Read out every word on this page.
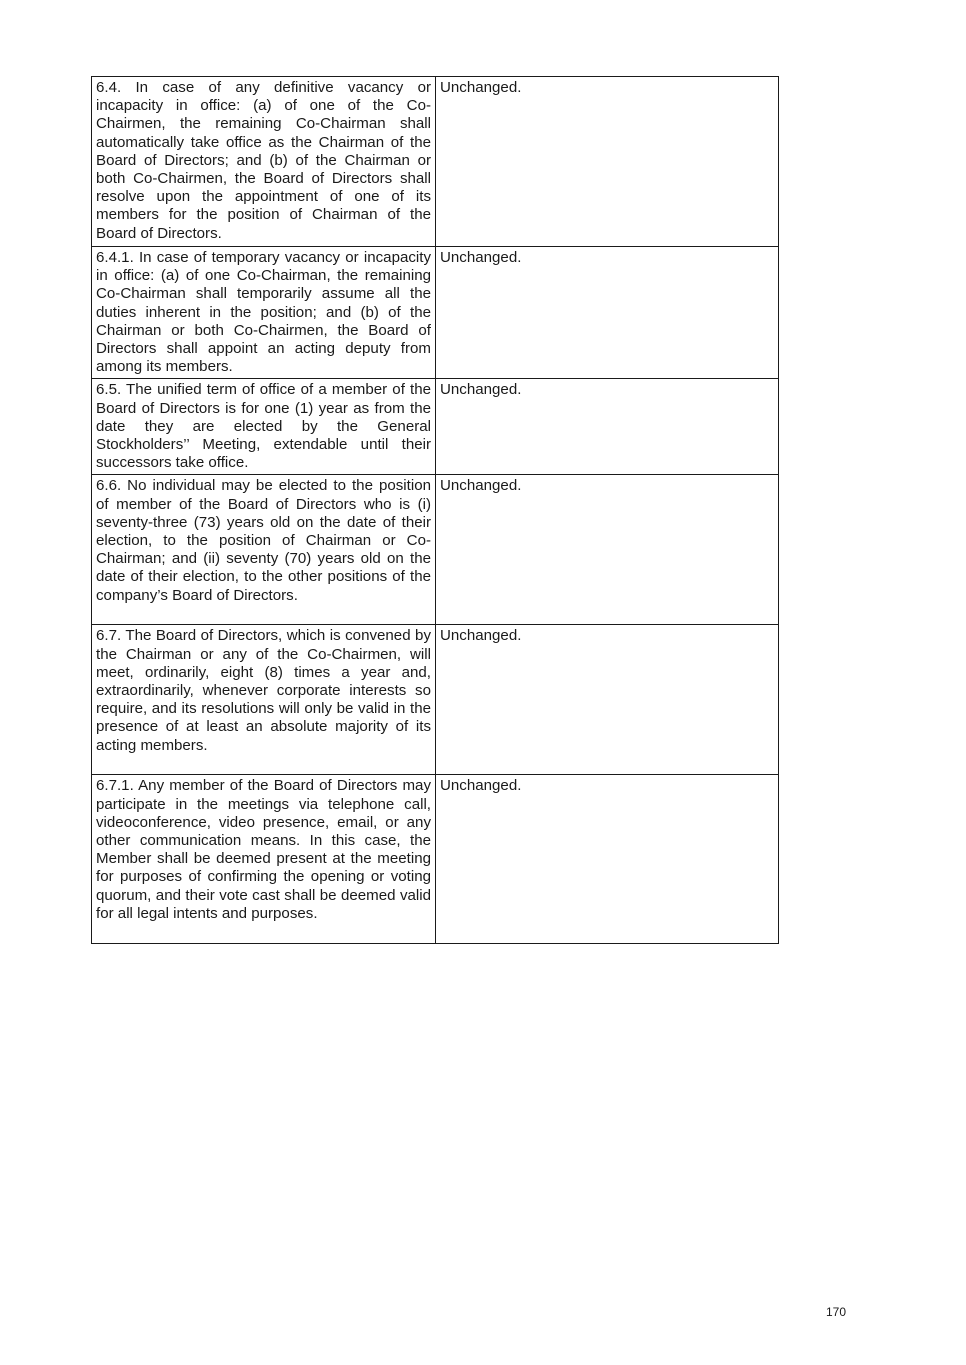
6.4. In case of any definitive vacancy or incapacity in office: (a) of one of the Co-Chairmen, the remaining Co-Chairman shall automatically take office as the Chairman of the Board of Directors; and (b) of the Chairman or both Co-Chairmen, the Board of Directors shall resolve upon the appointment of one of its members for the position of Chairman of the Board of Directors.	Unchanged.
6.4.1. In case of temporary vacancy or incapacity in office: (a) of one Co-Chairman, the remaining Co-Chairman shall temporarily assume all the duties inherent in the position; and (b) of the Chairman or both Co-Chairmen, the Board of Directors shall appoint an acting deputy from among its members.	Unchanged.
6.5. The unified term of office of a member of the Board of Directors is for one (1) year as from the date they are elected by the General Stockholders’’ Meeting, extendable until their successors take office.	Unchanged.
6.6. No individual may be elected to the position of member of the Board of Directors who is (i) seventy-three (73) years old on the date of their election, to the position of Chairman or Co-Chairman; and (ii) seventy (70) years old on the date of their election, to the other positions of the company’s Board of Directors.	Unchanged.
6.7. The Board of Directors, which is convened by the Chairman or any of the Co-Chairmen, will meet, ordinarily, eight (8) times a year and, extraordinarily, whenever corporate interests so require, and its resolutions will only be valid in the presence of at least an absolute majority of its acting members.	Unchanged.
6.7.1. Any member of the Board of Directors may participate in the meetings via telephone call, videoconference, video presence, email, or any other communication means. In this case, the Member shall be deemed present at the meeting for purposes of confirming the opening or voting quorum, and their vote cast shall be deemed valid for all legal intents and purposes.	Unchanged.
170
